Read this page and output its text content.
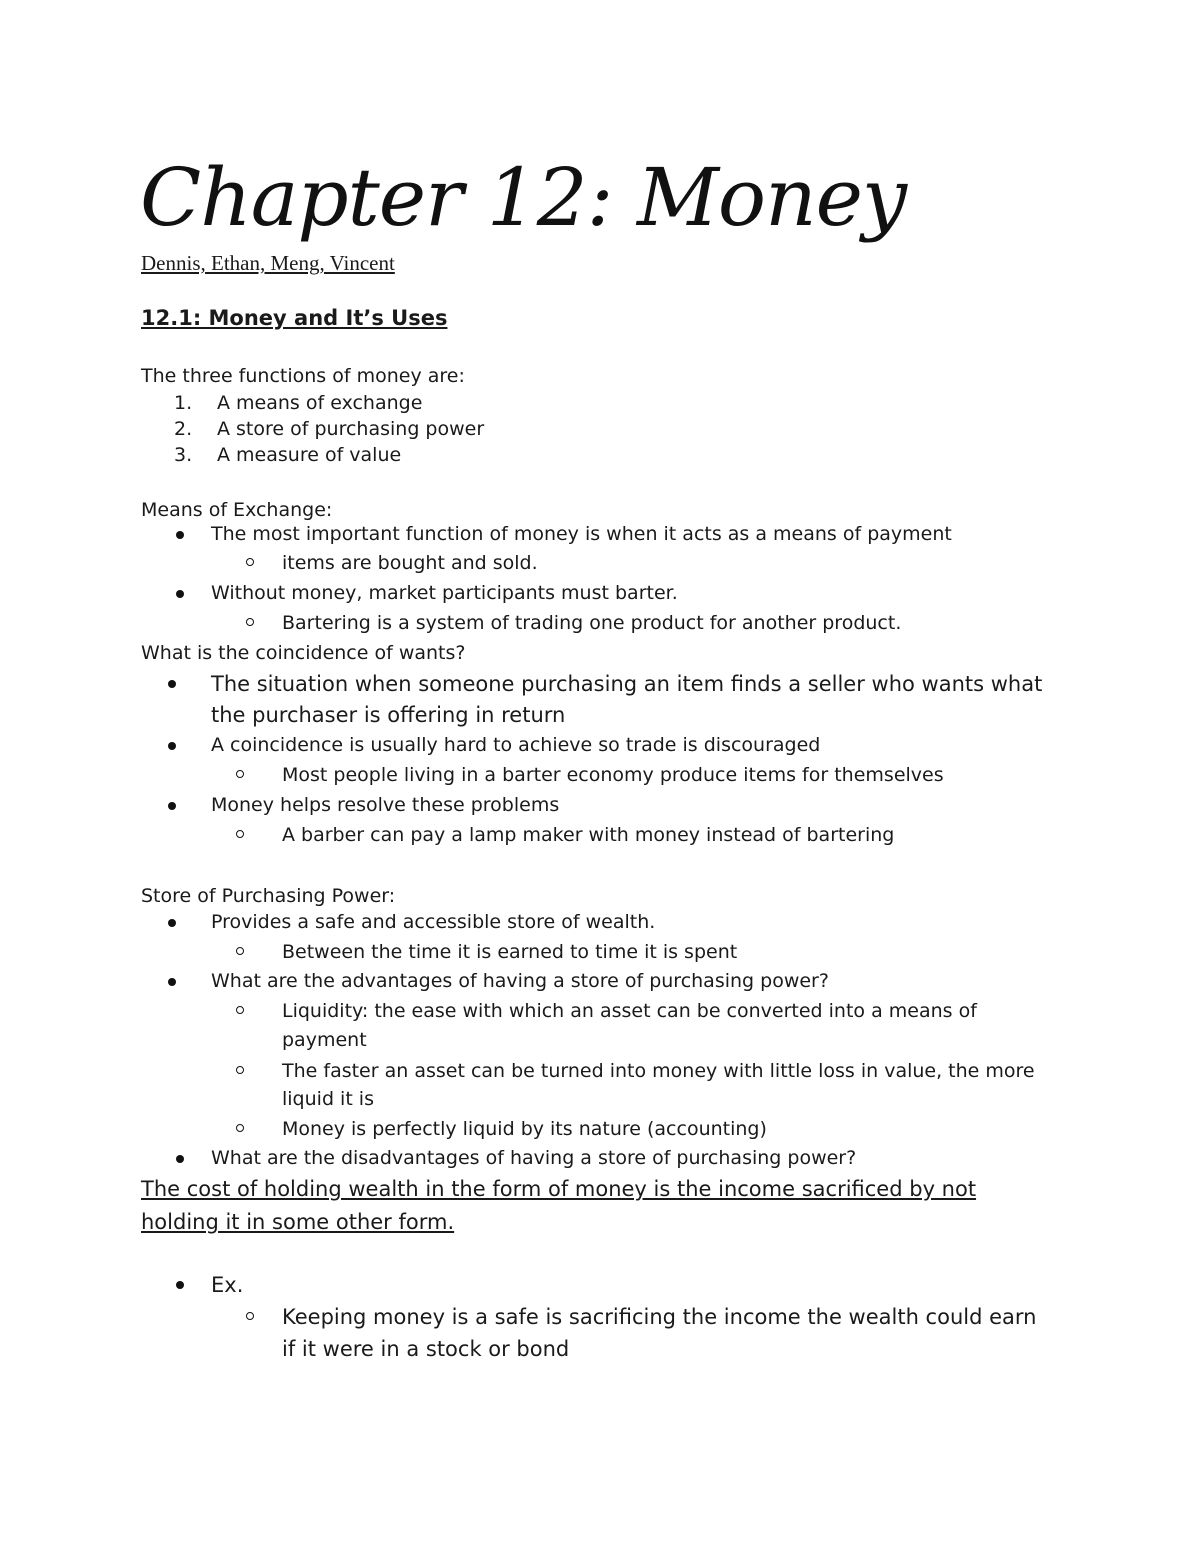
Chapter 12: Money
Dennis, Ethan, Meng, Vincent
12.1: Money and It’s Uses
The three functions of money are:
1. A means of exchange
2. A store of purchasing power
3. A measure of value
Means of Exchange:
The most important function of money is when it acts as a means of payment
items are bought and sold.
Without money, market participants must barter.
Bartering is a system of trading one product for another product.
What is the coincidence of wants?
The situation when someone purchasing an item finds a seller who wants what
the purchaser is offering in return
A coincidence is usually hard to achieve so trade is discouraged
Most people living in a barter economy produce items for themselves
Money helps resolve these problems
A barber can pay a lamp maker with money instead of bartering
Store of Purchasing Power:
Provides a safe and accessible store of wealth.
Between the time it is earned to time it is spent
What are the advantages of having a store of purchasing power?
Liquidity: the ease with which an asset can be converted into a means of
payment
The faster an asset can be turned into money with little loss in value, the more
liquid it is
Money is perfectly liquid by its nature (accounting)
What are the disadvantages of having a store of purchasing power?
The cost of holding wealth in the form of money is the income sacrificed by not
holding it in some other form.
Ex.
Keeping money is a safe is sacrificing the income the wealth could earn
if it were in a stock or bond
